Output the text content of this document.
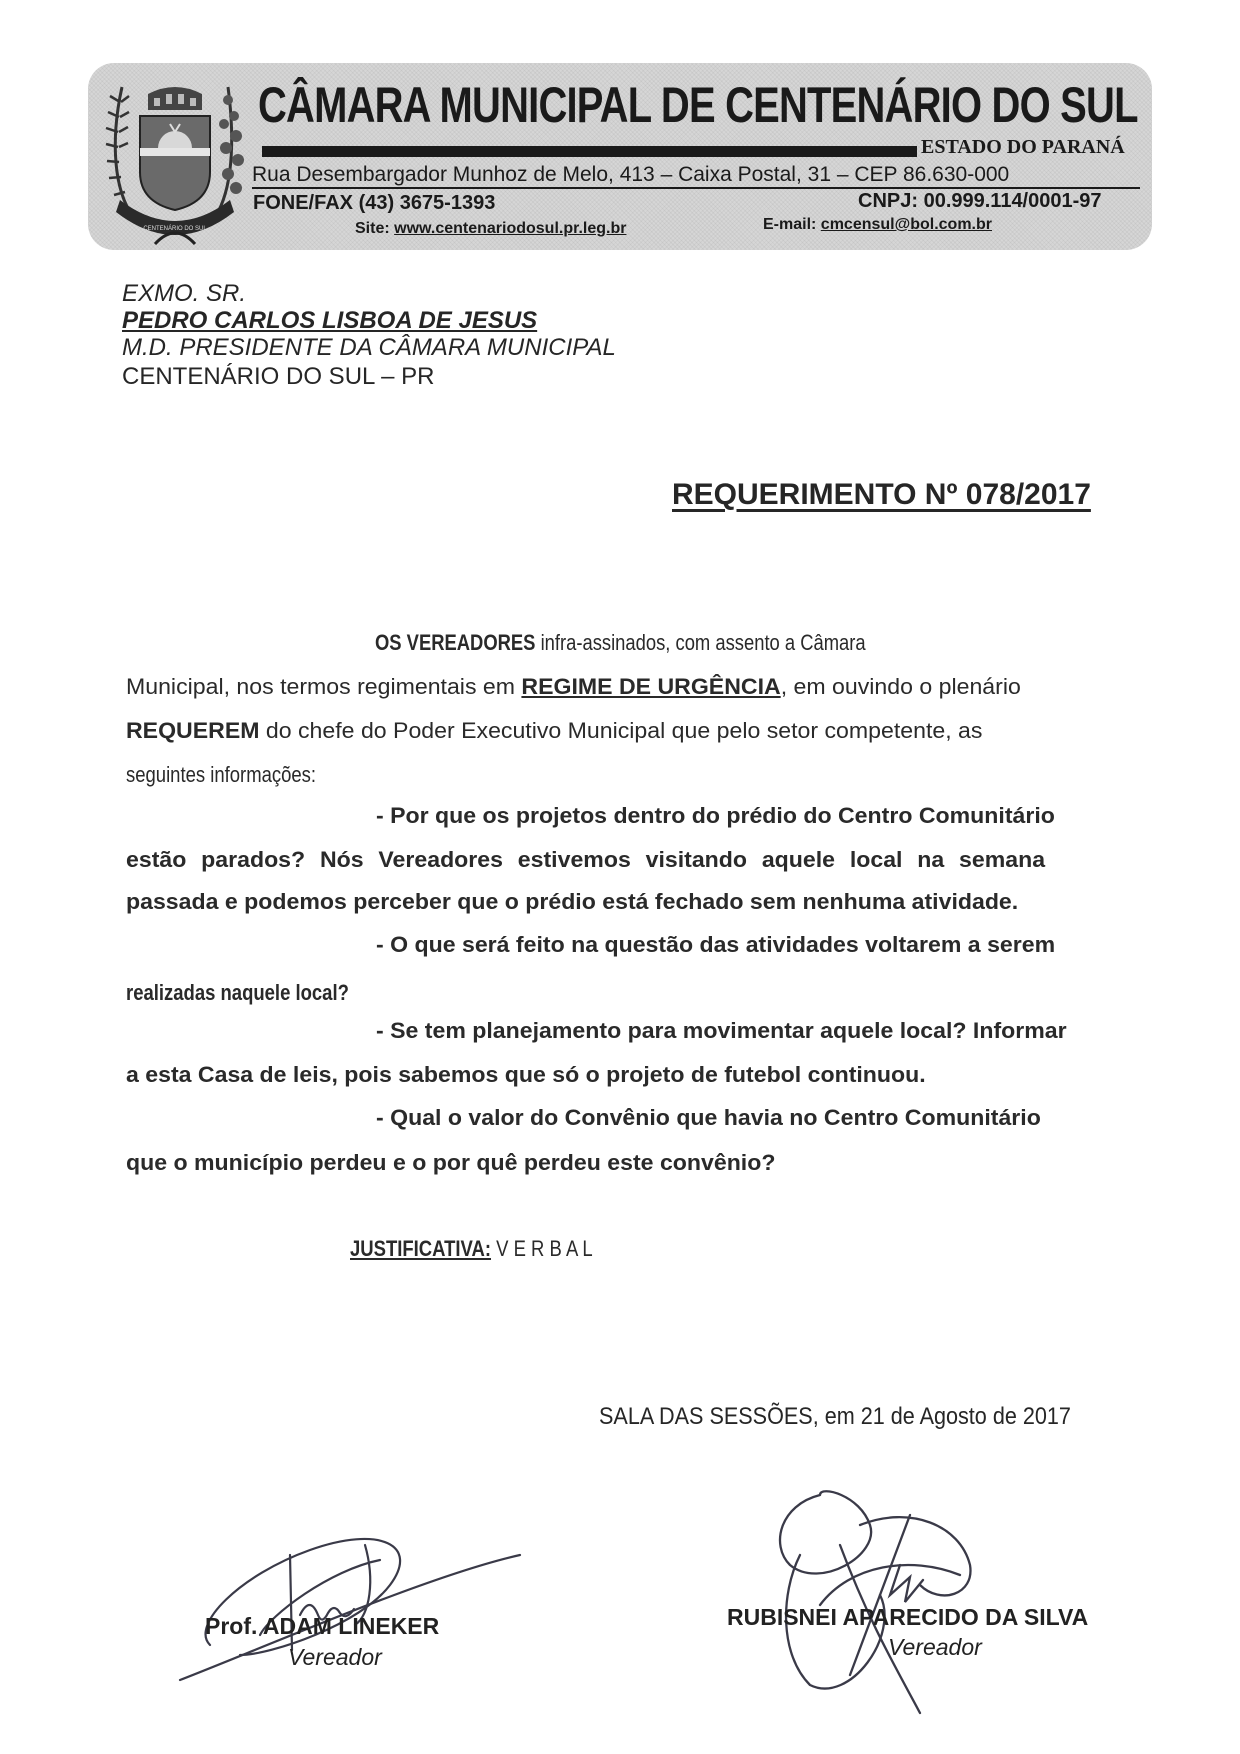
CENTENÁRIO DO SUL
CÂMARA MUNICIPAL DE CENTENÁRIO DO SUL
ESTADO DO PARANÁ
Rua Desembargador Munhoz de Melo, 413 – Caixa Postal, 31 – CEP 86.630-000
FONE/FAX (43) 3675-1393	CNPJ: 00.999.114/0001-97
Site: www.centenariodosul.pr.leg.br	E-mail: cmcensul@bol.com.br
EXMO. SR.
PEDRO CARLOS LISBOA DE JESUS
M.D. PRESIDENTE DA CÂMARA MUNICIPAL
CENTENÁRIO DO SUL – PR
REQUERIMENTO Nº 078/2017
OS VEREADORES infra-assinados, com assento a Câmara
Municipal, nos termos regimentais em REGIME DE URGÊNCIA, em ouvindo o plenário
REQUEREM do chefe do Poder Executivo Municipal que pelo setor competente, as
seguintes informações:
- Por que os projetos dentro do prédio do Centro Comunitário
estão parados? Nós Vereadores estivemos visitando aquele local na semana
passada e podemos perceber que o prédio está fechado sem nenhuma atividade.
- O que será feito na questão das atividades voltarem a serem
realizadas naquele local?
- Se tem planejamento para movimentar aquele local? Informar
a esta Casa de leis, pois sabemos que só o projeto de futebol continuou.
- Qual o valor do Convênio que havia no Centro Comunitário
que o município perdeu e o por quê perdeu este convênio?
JUSTIFICATIVA: V E R B A L
SALA DAS SESSÕES, em 21 de Agosto de 2017
Prof. ADAM LINEKER
Vereador
RUBISNEI APARECIDO DA SILVA
Vereador
